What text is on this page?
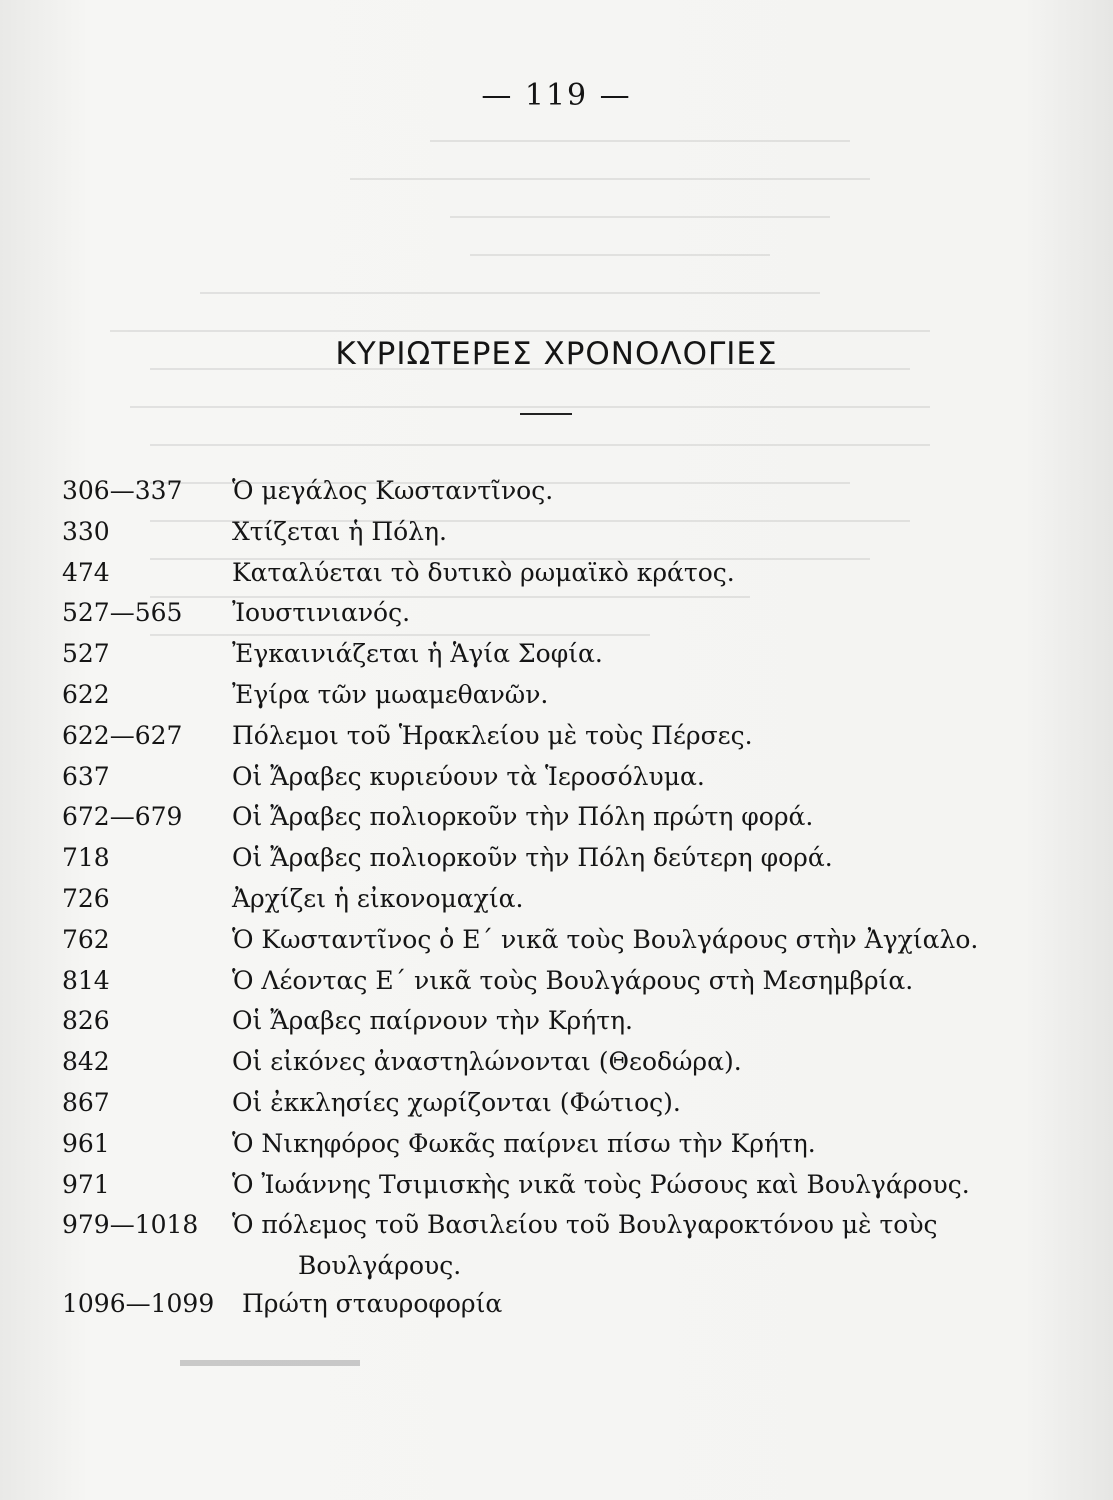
— 119 —
ΚΥΡΙΩΤΕΡΕΣ ΧΡΟΝΟΛΟΓΙΕΣ
306—337 Ὁ μεγάλος Κωσταντῖνος.
330	Χτίζεται ἡ Πόλη.
474	Καταλύεται τὸ δυτικὸ ρωμαϊκὸ κράτος.
527—565 Ἰουστινιανός.
527	Ἐγκαινιάζεται ἡ Ἁγία Σοφία.
622	Ἐγίρα τῶν μωαμεθανῶν.
622—627 Πόλεμοι τοῦ Ἡρακλείου μὲ τοὺς Πέρσες.
637	Οἱ Ἄραβες κυριεύουν τὰ Ἱεροσόλυμα.
672—679 Οἱ Ἄραβες πολιορκοῦν τὴν Πόλη πρώτη φορά.
718	Οἱ Ἄραβες πολιορκοῦν τὴν Πόλη δεύτερη φορά.
726	Ἀρχίζει ἡ εἰκονομαχία.
762	Ὁ Κωσταντῖνος ὁ Ε΄ νικᾶ τοὺς Βουλγάρους στὴν Ἀγχίαλο.
814	Ὁ Λέοντας Ε΄ νικᾶ τοὺς Βουλγάρους στὴ Μεσημβρία.
826	Οἱ Ἄραβες παίρνουν τὴν Κρήτη.
842	Οἱ εἰκόνες ἀναστηλώνονται (Θεοδώρα).
867	Οἱ ἐκκλησίες χωρίζονται (Φώτιος).
961	Ὁ Νικηφόρος Φωκᾶς παίρνει πίσω τὴν Κρήτη.
971	Ὁ Ἰωάννης Τσιμισκὴς νικᾶ τοὺς Ρώσους καὶ Βουλγάρους.
979—1018 Ὁ πόλεμος τοῦ Βασιλείου τοῦ Βουλγαροκτόνου μὲ τοὺς
Βουλγάρους.
1096—1099 Πρώτη σταυροφορία
